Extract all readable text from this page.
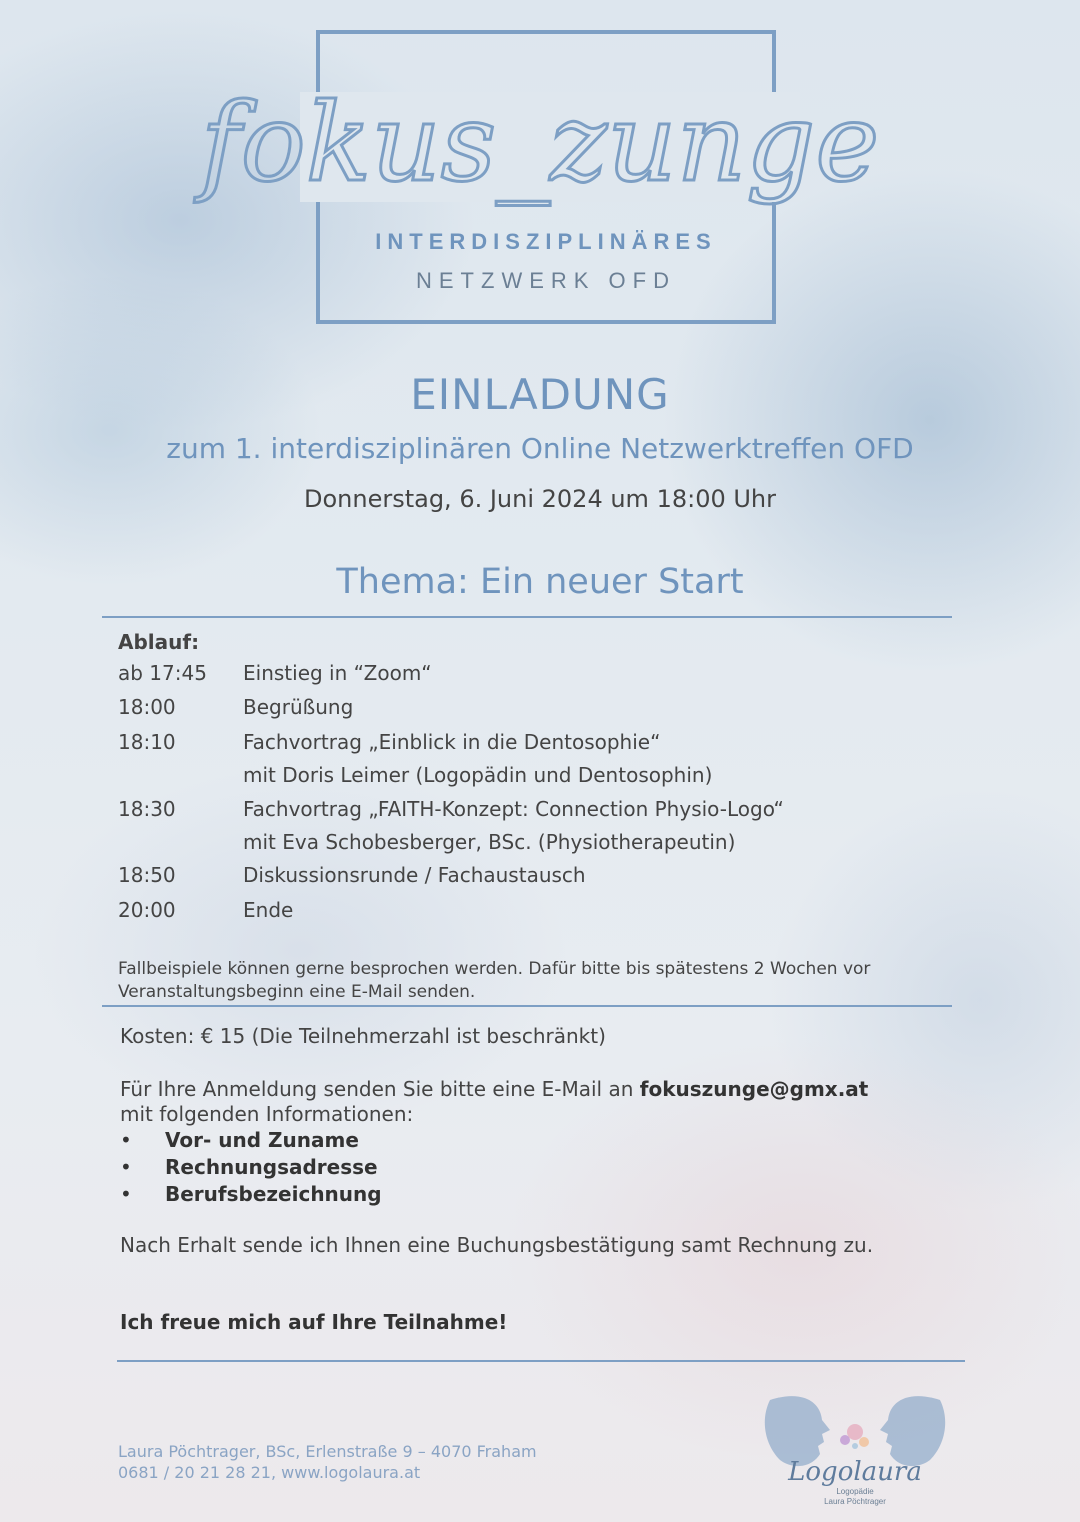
fokus_zunge
INTERDISZIPLINÄRES
NETZWERK OFD
EINLADUNG
zum 1. interdisziplinären Online Netzwerktreffen OFD
Donnerstag, 6. Juni 2024 um 18:00 Uhr
Thema: Ein neuer Start
Ablauf:
ab 17:45 Einstieg in “Zoom“
18:00	Begrüßung
18:10	Fachvortrag „Einblick in die Dentosophie“
mit Doris Leimer (Logopädin und Dentosophin)
18:30	Fachvortrag „FAITH-Konzept: Connection Physio-Logo“
mit Eva Schobesberger, BSc. (Physiotherapeutin)
18:50	Diskussionsrunde / Fachaustausch
20:00	Ende
Fallbeispiele können gerne besprochen werden. Dafür bitte bis spätestens 2 Wochen vor Veranstaltungsbeginn eine E-Mail senden.
Kosten: € 15 (Die Teilnehmerzahl ist beschränkt)
Für Ihre Anmeldung senden Sie bitte eine E-Mail an fokuszunge@gmx.at
mit folgenden Informationen:
• Vor- und Zuname
• Rechnungsadresse
• Berufsbezeichnung
Nach Erhalt sende ich Ihnen eine Buchungsbestätigung samt Rechnung zu.
Ich freue mich auf Ihre Teilnahme!
Laura Pöchtrager, BSc, Erlenstraße 9 – 4070 Fraham
0681 / 20 21 28 21, www.logolaura.at	Logolaura
Logopädie
Laura Pöchtrager
